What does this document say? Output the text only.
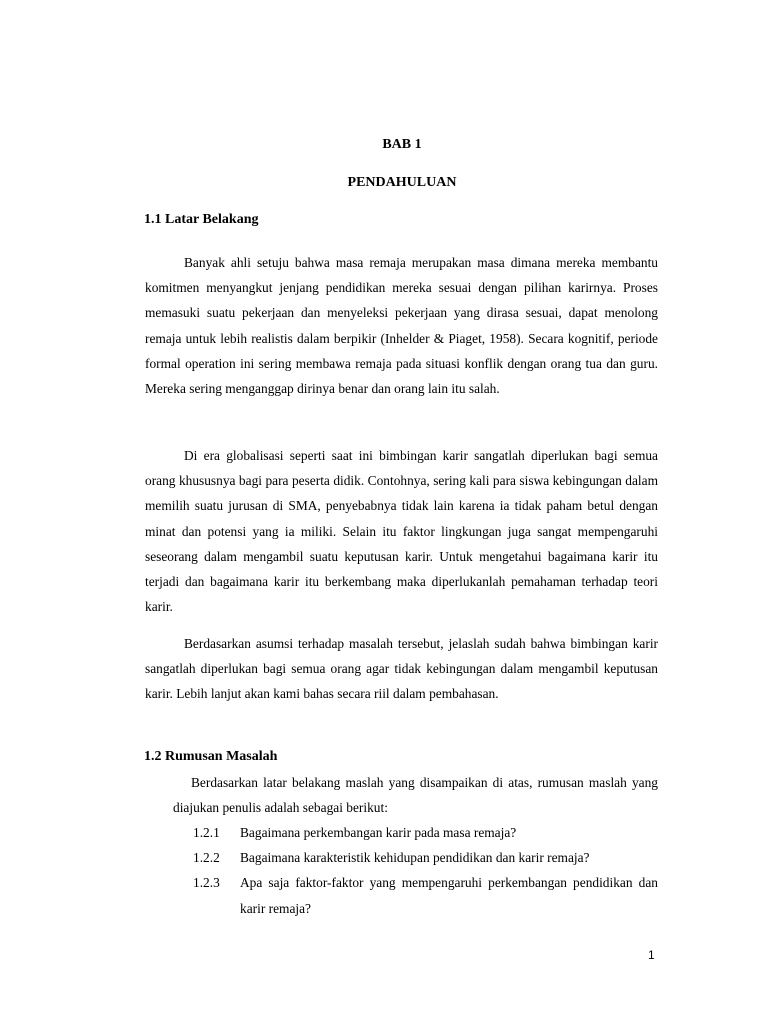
BAB 1
PENDAHULUAN
1.1 Latar Belakang

Banyak ahli setuju bahwa masa remaja merupakan masa dimana mereka membantu komitmen menyangkut jenjang pendidikan mereka sesuai dengan pilihan karirnya. Proses memasuki suatu pekerjaan dan menyeleksi pekerjaan yang dirasa sesuai, dapat menolong remaja untuk lebih realistis dalam berpikir (Inhelder & Piaget, 1958). Secara kognitif, periode formal operation ini sering membawa remaja pada situasi konflik dengan orang tua dan guru. Mereka sering menganggap dirinya benar dan orang lain itu salah.

Di era globalisasi seperti saat ini bimbingan karir sangatlah diperlukan bagi semua orang khususnya bagi para peserta didik. Contohnya, sering kali para siswa kebingungan dalam memilih suatu jurusan di SMA, penyebabnya tidak lain karena ia tidak paham betul dengan minat dan potensi yang ia miliki. Selain itu faktor lingkungan juga sangat mempengaruhi seseorang dalam mengambil suatu keputusan karir. Untuk mengetahui bagaimana karir itu terjadi dan bagaimana karir itu berkembang maka diperlukanlah pemahaman terhadap teori karir.

Berdasarkan asumsi terhadap masalah tersebut, jelaslah sudah bahwa bimbingan karir sangatlah diperlukan bagi semua orang agar tidak kebingungan dalam mengambil keputusan karir. Lebih lanjut akan kami bahas secara riil dalam pembahasan.

1.2 Rumusan Masalah

Berdasarkan latar belakang maslah yang disampaikan di atas, rumusan maslah yang diajukan penulis adalah sebagai berikut:

1.2.1	Bagaimana perkembangan karir pada masa remaja?
1.2.2	Bagaimana karakteristik kehidupan pendidikan dan karir remaja?
1.2.3	Apa saja faktor-faktor yang mempengaruhi perkembangan pendidikan dan karir remaja?
1
